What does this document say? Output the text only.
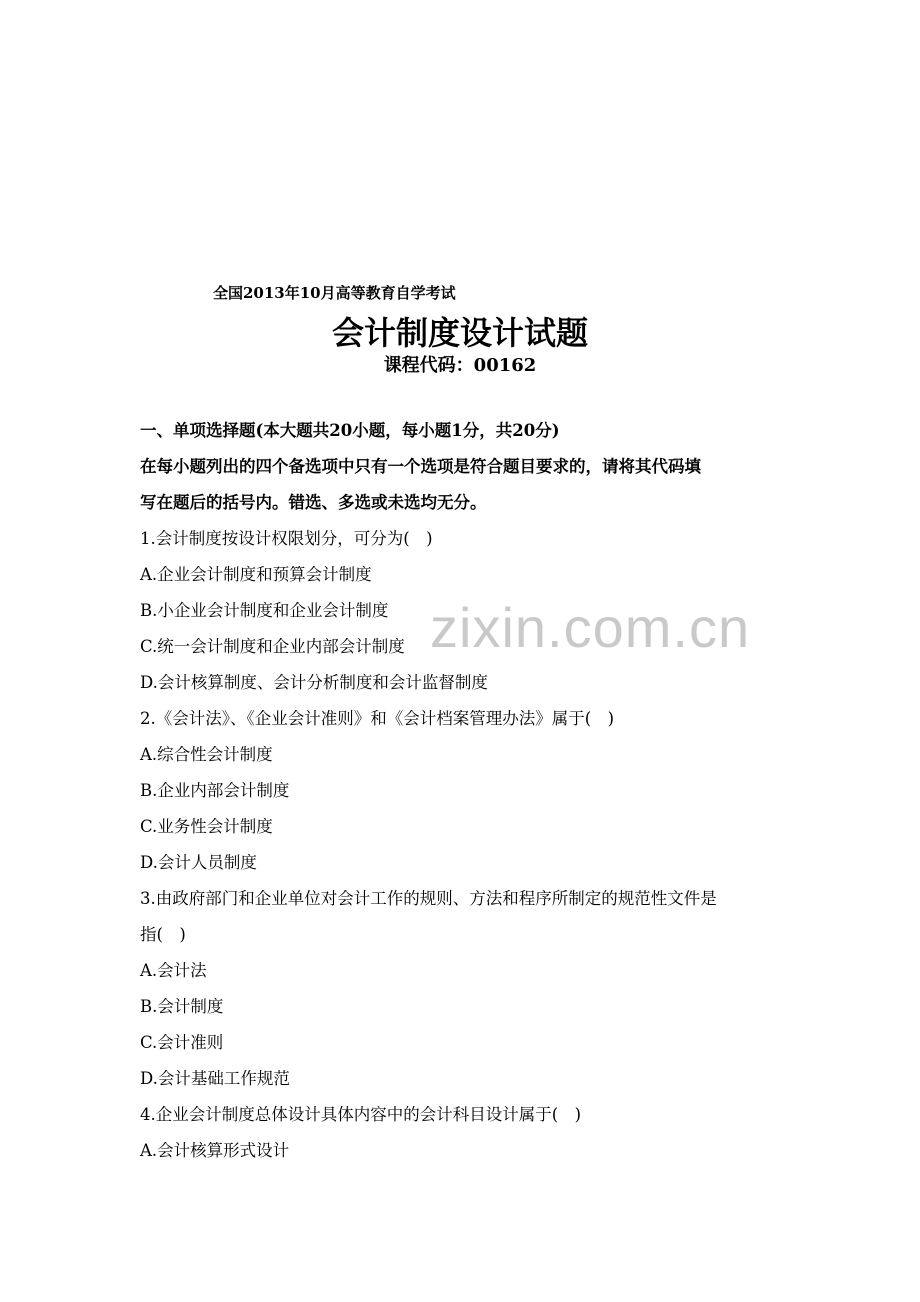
zixin.com.cn
全国2013年10月高等教育自学考试
会计制度设计试题
课程代码：00162
一、单项选择题(本大题共20小题，每小题1分，共20分)
在每小题列出的四个备选项中只有一个选项是符合题目要求的，请将其代码填
写在题后的括号内。错选、多选或未选均无分。
1.会计制度按设计权限划分，可分为(　)
A.企业会计制度和预算会计制度
B.小企业会计制度和企业会计制度
C.统一会计制度和企业内部会计制度
D.会计核算制度、会计分析制度和会计监督制度
2.《会计法》、《企业会计准则》和《会计档案管理办法》属于(　)
A.综合性会计制度
B.企业内部会计制度
C.业务性会计制度
D.会计人员制度
3.由政府部门和企业单位对会计工作的规则、方法和程序所制定的规范性文件是
指(　)
A.会计法
B.会计制度
C.会计准则
D.会计基础工作规范
4.企业会计制度总体设计具体内容中的会计科目设计属于(　)
A.会计核算形式设计
